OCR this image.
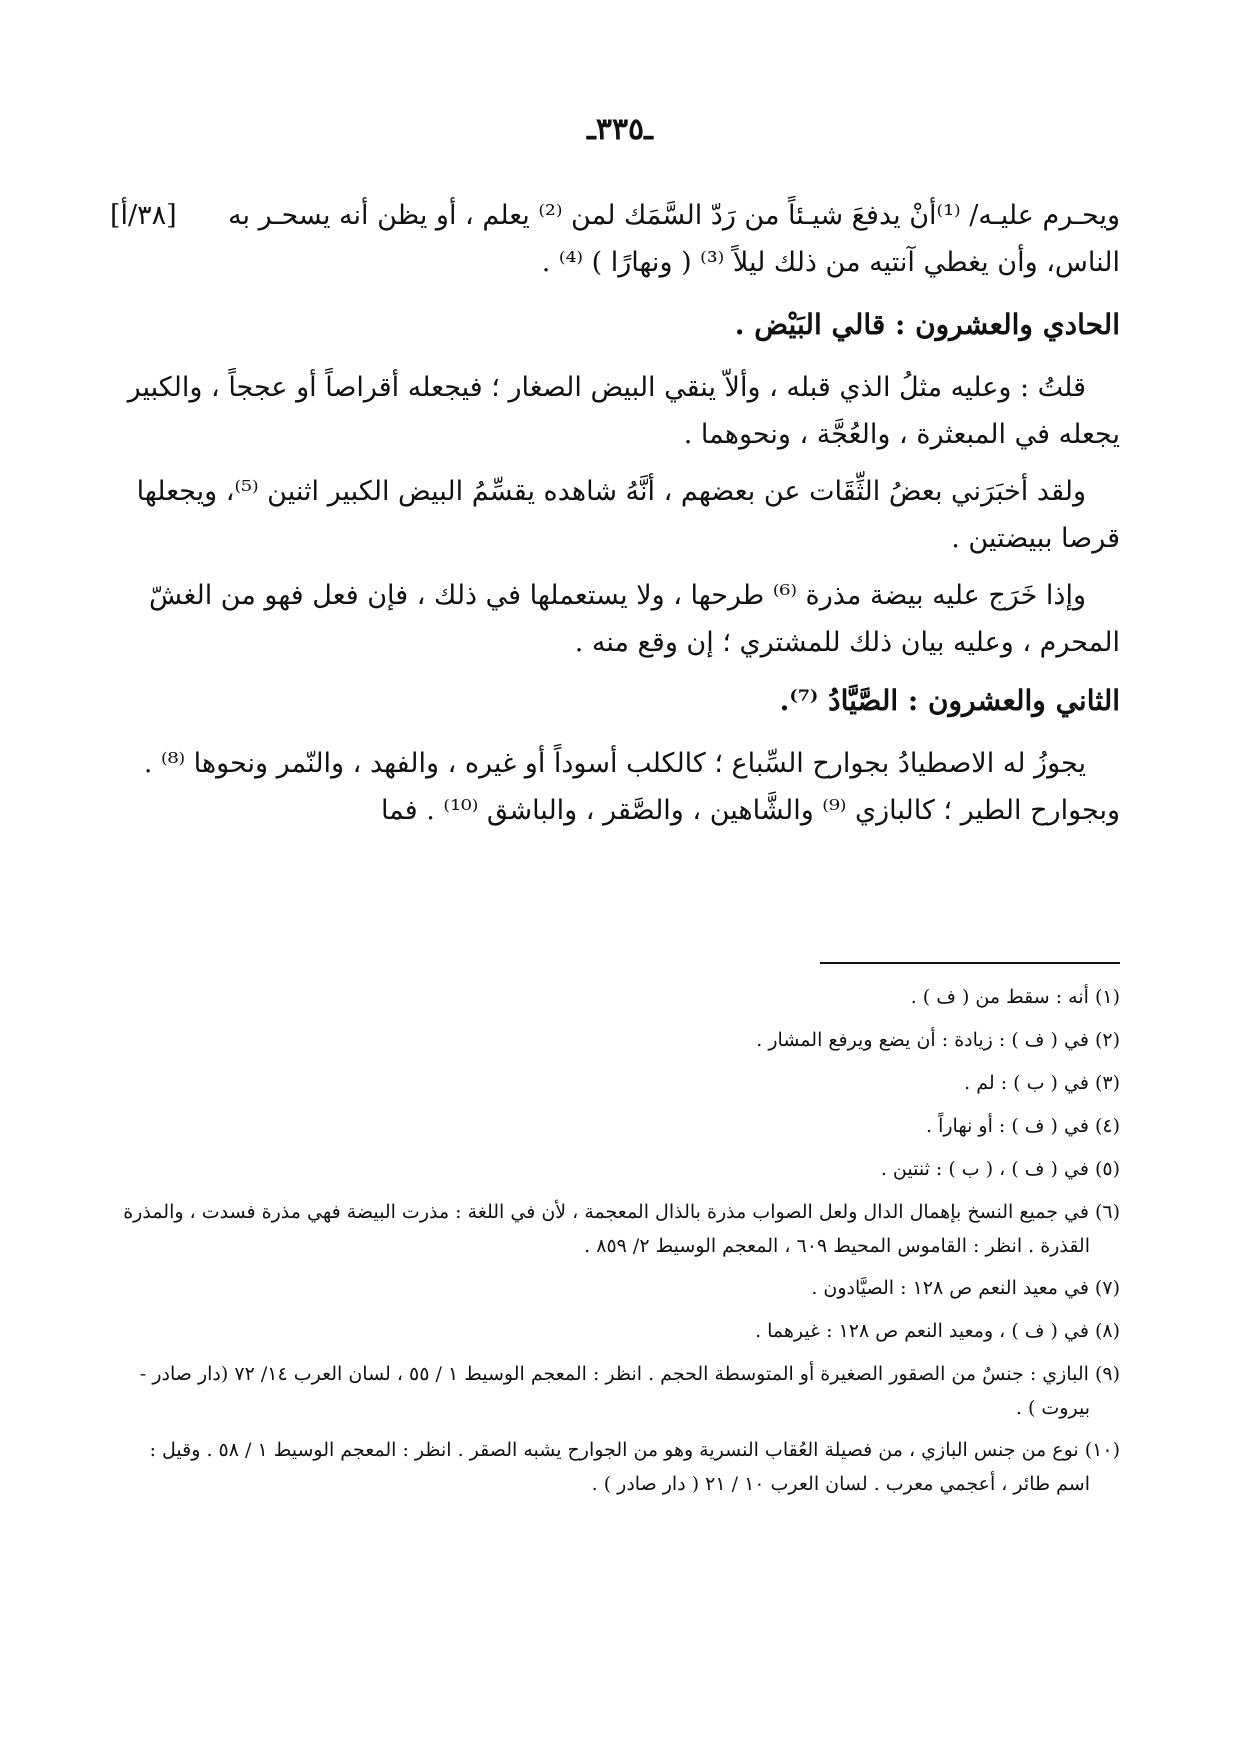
ـ٣٣٥ـ

[٣٨/أ] ويحـرم عليـه/ ⁽¹⁾أنْ يدفعَ شيـئاً من رَدّ السَّمَك لمن ⁽²⁾ يعلم ، أو يظن أنه يسحـر به الناس، وأن يغطي آنتيه من ذلك ليلاً ⁽³⁾ ( ونهارًا ) ⁽⁴⁾ .

الحادي والعشرون : قالي البَيْض .

قلتُ : وعليه مثلُ الذي قبله ، وألاّ ينقي البيض الصغار ؛ فيجعله أقراصاً أو عججاً ، والكبير يجعله في المبعثرة ، والعُجَّة ، ونحوهما .

ولقد أخبَرَني بعضُ الثِّقَات عن بعضهم ، أنَّهُ شاهده يقسِّمُ البيض الكبير اثنين ⁽⁵⁾، ويجعلها قرصا ببيضتين .

وإذا خَرَج عليه بيضة مذرة ⁽⁶⁾ طرحها ، ولا يستعملها في ذلك ، فإن فعل فهو من الغشّ المحرم ، وعليه بيان ذلك للمشتري ؛ إن وقع منه .

الثاني والعشرون : الصَّيَّادُ ⁽⁷⁾.

يجوزُ له الاصطيادُ بجوارح السِّباع ؛ كالكلب أسوداً أو غيره ، والفهد ، والنّمر ونحوها ⁽⁸⁾ . وبجوارح الطير ؛ كالبازي ⁽⁹⁾ والشَّاهين ، والصَّقر ، والباشق ⁽¹⁰⁾ . فما

(١) أنه : سقط من ( ف ) .

(٢) في ( ف ) : زيادة : أن يضع ويرفع المشار .

(٣) في ( ب ) : لم .

(٤) في ( ف ) : أو نهاراً .

(٥) في ( ف ) ، ( ب ) : ثنتين .

(٦) في جميع النسخ بإهمال الدال ولعل الصواب مذرة بالذال المعجمة ، لأن في اللغة : مذرت البيضة فهي مذرة فسدت ، والمذرة القذرة . انظر : القاموس المحيط ٦٠٩ ، المعجم الوسيط ٢/ ٨٥٩ .

(٧) في معيد النعم ص ١٢٨ : الصيَّادون .

(٨) في ( ف ) ، ومعيد النعم ص ١٢٨ : غيرهما .

(٩) البازي : جنسٌ من الصقور الصغيرة أو المتوسطة الحجم . انظر : المعجم الوسيط ١ / ٥٥ ، لسان العرب ١٤/ ٧٢ (دار صادر - بيروت ) .

(١٠) نوع من جنس البازي ، من فصيلة العُقاب النسرية وهو من الجوارح يشبه الصقر . انظر : المعجم الوسيط ١ / ٥٨ . وقيل : اسم طائر ، أعجمي معرب . لسان العرب ١٠ / ٢١ ( دار صادر ) .
